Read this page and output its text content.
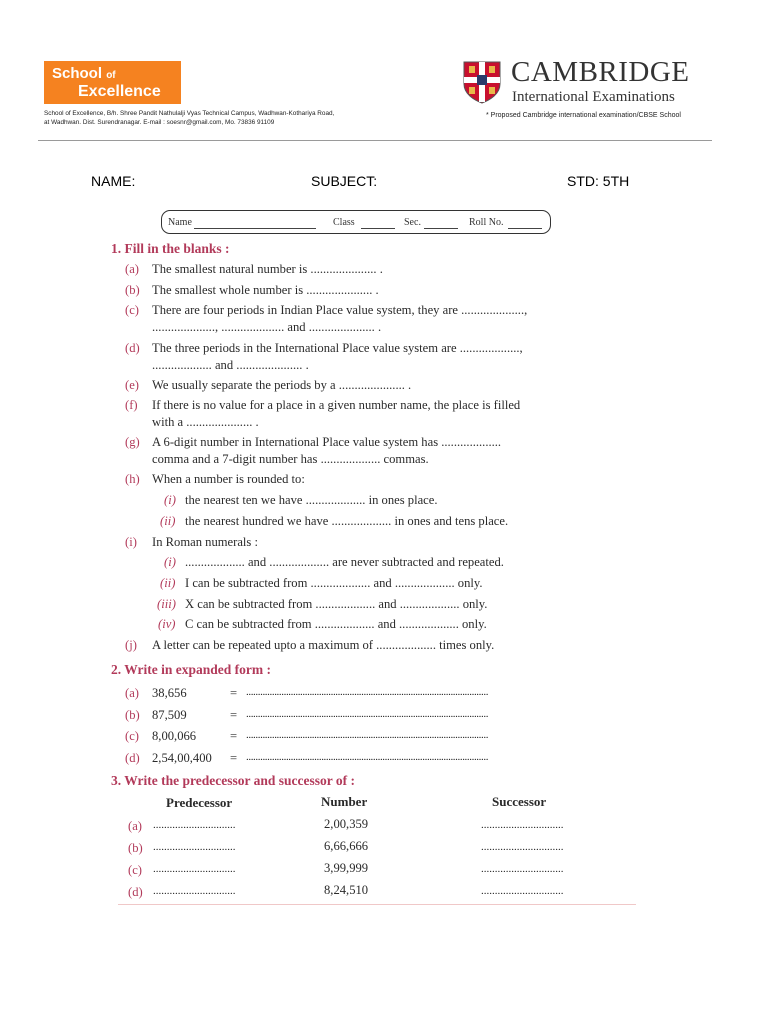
School of
Excellence
School of Excellence, B/h. Shree Pandit Nathulalji Vyas Technical Campus, Wadhwan-Kothariya Road,
at Wadhwan. Dist. Surendranagar. E-mail : soesnr@gmail.com, Mo. 73836 91109
CAMBRIDGE
International Examinations
* Proposed Cambridge international examination/CBSE School
NAME:	SUBJECT:	STD: 5TH
Name	Class	Sec.	Roll No.
1. Fill in the blanks :
(a) The smallest natural number is ..................... .
(b) The smallest whole number is ..................... .
(c) There are four periods in Indian Place value system, they are ....................,
...................., .................... and ..................... .
(d) The three periods in the International Place value system are ...................,
................... and ..................... .
(e) We usually separate the periods by a ..................... .
(f) If there is no value for a place in a given number name, the place is filled
with a ..................... .
(g) A 6-digit number in International Place value system has ...................
comma and a 7-digit number has ................... commas.
(h) When a number is rounded to:
(i) the nearest ten we have ................... in ones place.
(ii) the nearest hundred we have ................... in ones and tens place.
(i) In Roman numerals :
(i) ................... and ................... are never subtracted and repeated.
(ii) I can be subtracted from ................... and ................... only.
(iii) X can be subtracted from ................... and ................... only.
(iv) C can be subtracted from ................... and ................... only.
(j) A letter can be repeated upto a maximum of ................... times only.
2. Write in expanded form :
(a) 38,656	= .......................................................................................................
(b) 87,509	= .......................................................................................................
(c) 8,00,066	= .......................................................................................................
(d) 2,54,00,400 = .......................................................................................................
3. Write the predecessor and successor of :
Predecessor	Number	Successor
(a) ..............................	2,00,359	..............................
(b) ..............................	6,66,666	..............................
(c) ..............................	3,99,999	..............................
(d) ..............................	8,24,510	..............................
